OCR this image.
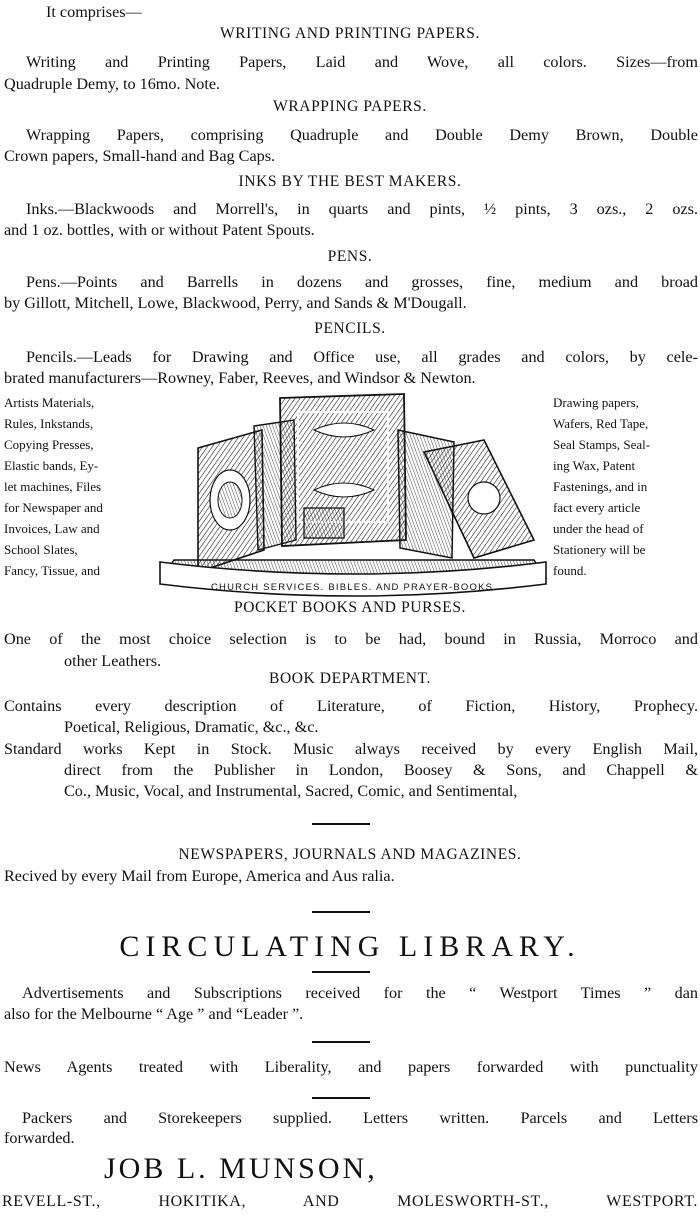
It comprises—
WRITING AND PRINTING PAPERS.
Writing and Printing Papers, Laid and Wove, all colors. Sizes—from
Quadruple Demy, to 16mo. Note.
WRAPPING PAPERS.
Wrapping Papers, comprising Quadruple and Double Demy Brown, Double
Crown papers, Small-hand and Bag Caps.
INKS BY THE BEST MAKERS.
Inks.—Blackwoods and Morrell's, in quarts and pints, ½ pints, 3 ozs., 2 ozs.
and 1 oz. bottles, with or without Patent Spouts.
PENS.
Pens.—Points and Barrells in dozens and grosses, fine, medium and broad
by Gillott, Mitchell, Lowe, Blackwood, Perry, and Sands & M'Dougall.
PENCILS.
Pencils.—Leads for Drawing and Office use, all grades and colors, by cele-
brated manufacturers—Rowney, Faber, Reeves, and Windsor & Newton.
Artists Materials,
Rules, Inkstands,
Copying Presses,
Elastic bands, Ey-
let machines, Files
for Newspaper and
Invoices, Law and
School Slates,
Fancy, Tissue, and
Drawing papers,
Wafers, Red Tape,
Seal Stamps, Seal-
ing Wax, Patent
Fastenings, and in
fact every article
under the head of
Stationery will be
found.
CHURCH SERVICES. BIBLES. AND PRAYER-BOOKS.
POCKET BOOKS AND PURSES.
One of the most choice selection is to be had, bound in Russia, Morroco and
other Leathers.
BOOK DEPARTMENT.
Contains every description of Literature, of Fiction, History, Prophecy.
Poetical, Religious, Dramatic, &c., &c.
Standard works Kept in Stock. Music always received by every English Mail,
direct from the Publisher in London, Boosey & Sons, and Chappell &
Co., Music, Vocal, and Instrumental, Sacred, Comic, and Sentimental,
NEWSPAPERS, JOURNALS AND MAGAZINES.
Recived by every Mail from Europe, America and Aus ralia.
CIRCULATING LIBRARY.
Advertisements and Subscriptions received for the “ Westport Times ” dan
also for the Melbourne “ Age ” and “Leader ”.
News Agents treated with Liberality, and papers forwarded with punctuality
Packers and Storekeepers supplied. Letters written. Parcels and Letters
forwarded.
JOB L. MUNSON,
REVELL-ST., HOKITIKA, AND MOLESWORTH-ST., WESTPORT.
